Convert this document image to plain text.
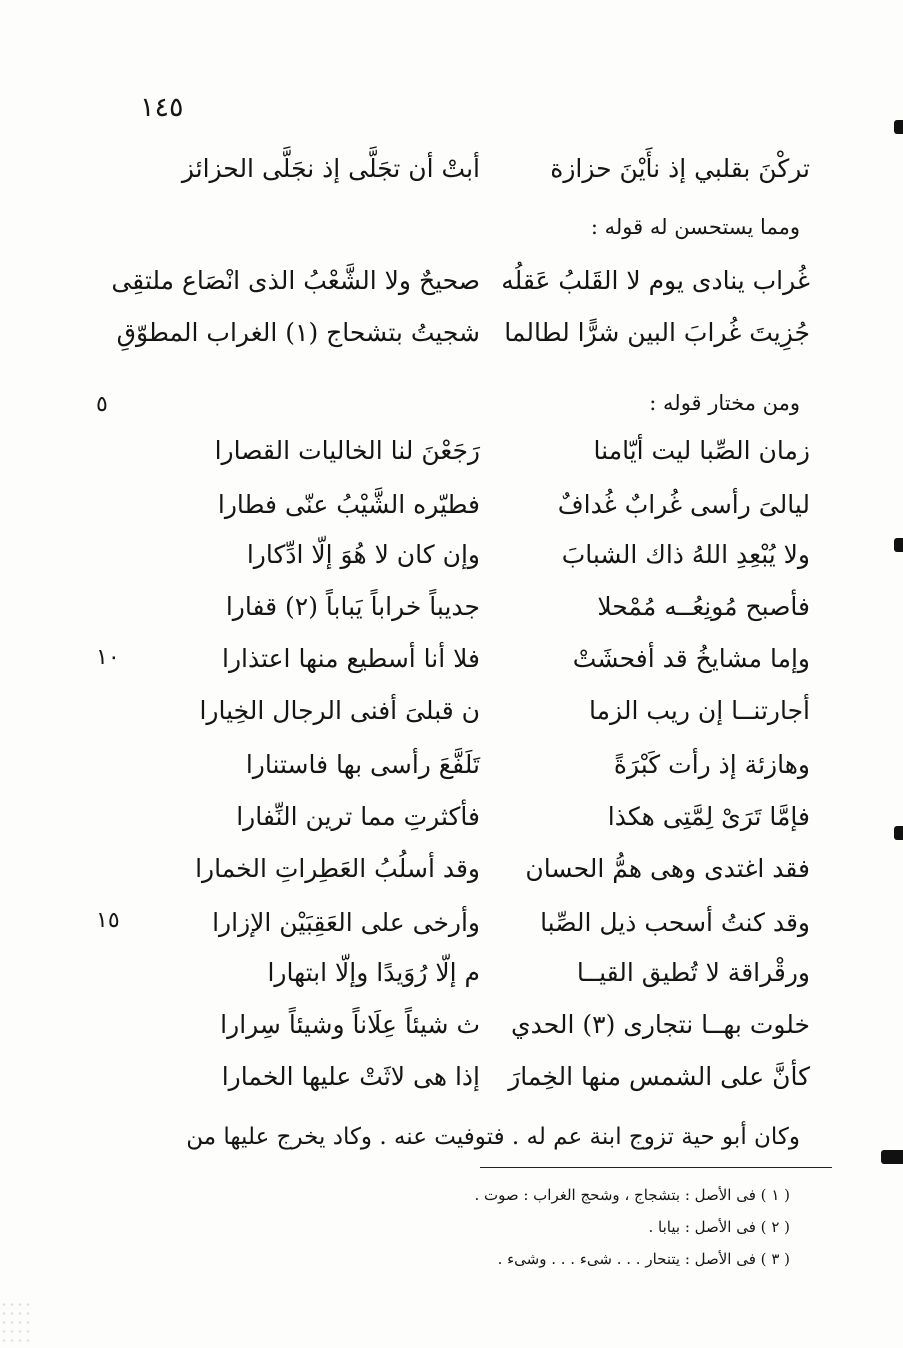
١٤٥
تركْنَ بقلبي إذ نأَيْنَ حزازة
أبتْ أن تجَلَّى إذ نجَلَّى الحزائز
ومما يستحسن له قوله :
غُراب ينادى يوم لا القَلبُ عَقلُه
صحيحٌ ولا الشَّعْبُ الذى انْصَاع ملتقِى
جُزِيتَ غُرابَ البين شرًّا لطالما
شجيتُ بتشحاج (١) الغراب المطوّقِ
ومن مختار قوله :
٥
زمان الصِّبا ليت أيّامنا
رَجَعْنَ لنا الخاليات القصارا
ليالىَ رأسى غُرابٌ غُدافٌ
فطيّره الشَّيْبُ عنّى فطارا
ولا يُبْعِدِ اللهُ ذاك الشبابَ
وإن كان لا هُوَ إلّا ادِّكارا
فأصبح مُونِعُــه مُمْحلا
جديباً خراباً يَباباً (٢) قفارا
وإما مشايخُ قد أفحشَتْ
فلا أنا أسطيع منها اعتذارا
١٠
أجارتنــا إن ريب الزما
ن قبلىَ أفنى الرجال الخِيارا
وهازئة إذ رأت كَبْرَةً
تَلَفَّعَ رأسى بها فاستنارا
فإمَّا تَرَىْ لِمَّتِى هكذا
فأكثرتِ مما ترين النِّفارا
فقد اغتدى وهى همُّ الحسان
وقد أسلُبُ العَطِراتِ الخمارا
وقد كنتُ أسحب ذيل الصِّبا
وأرخى على العَقِبَيْن الإزارا
١٥
ورقْراقة لا تُطيق القيــا
م إلّا رُوَيدًا وإلّا ابتهارا
خلوت بهــا نتجارى (٣) الحدي
ث شيئاً عِلَاناً وشيئاً سِرارا
كأنَّ على الشمس منها الخِمارَ
إذا هى لاثَتْ عليها الخمارا
وكان أبو حية تزوج ابنة عم له . فتوفيت عنه . وكاد يخرج عليها من
( ١ ) فى الأصل : بتشجاج ، وشحج الغراب : صوت .
( ٢ ) فى الأصل : بيابا .
( ٣ ) فى الأصل : يتنحار . . . شىء . . . وشىء .
